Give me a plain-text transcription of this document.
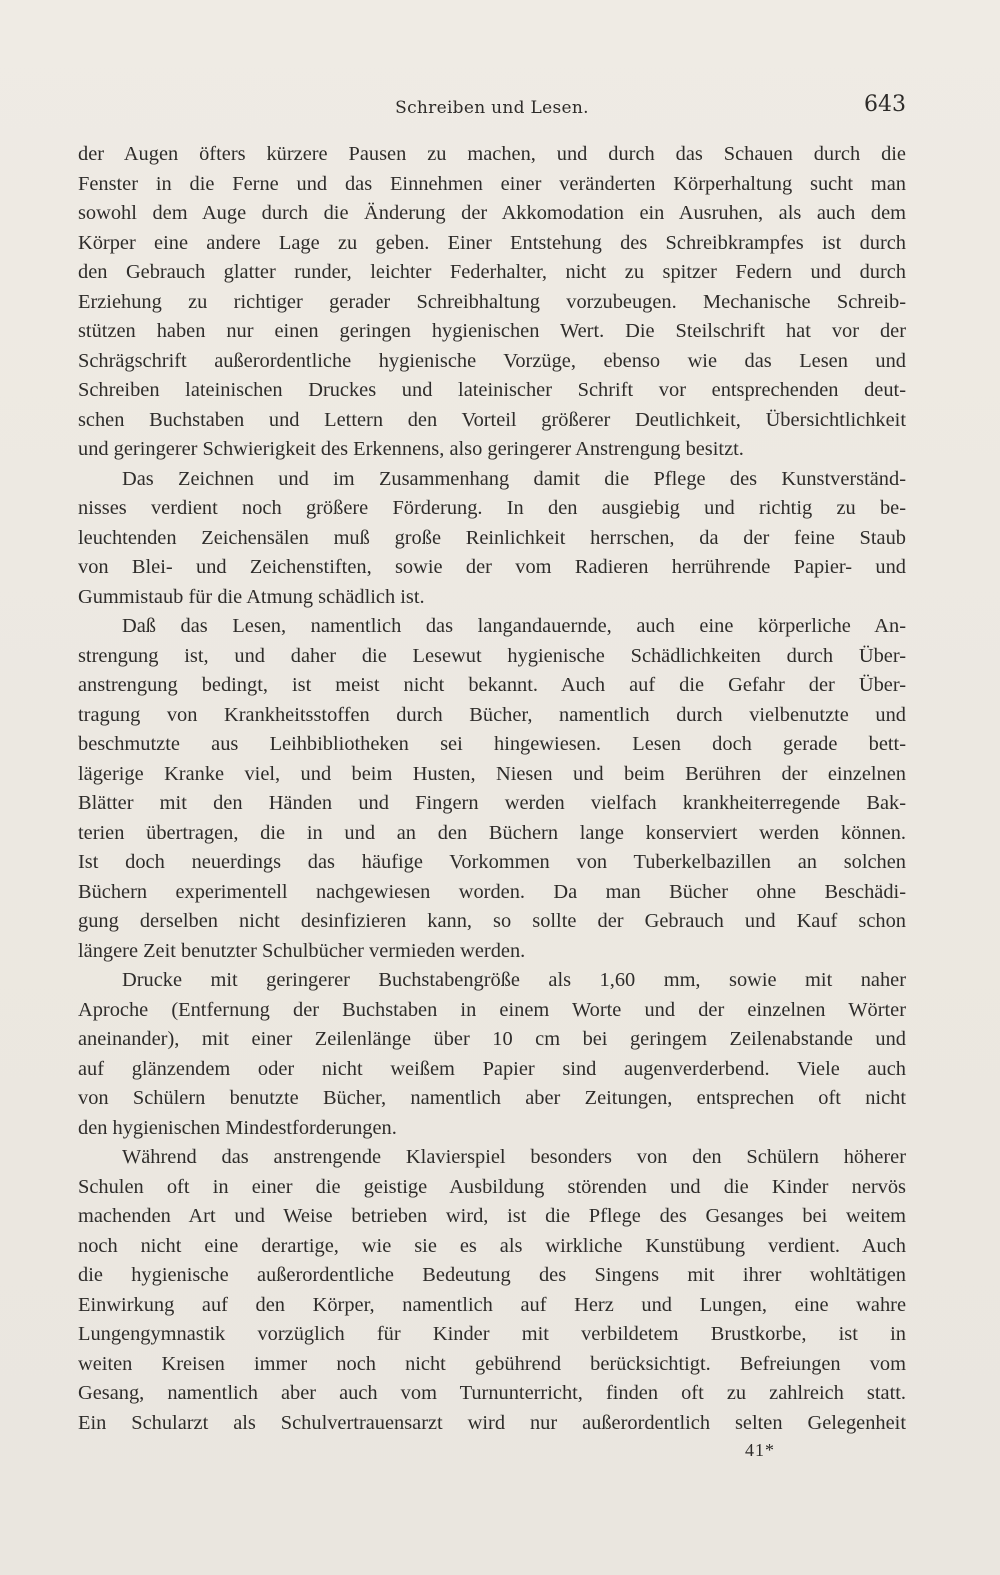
Schreiben und Lesen.	643

der Augen öfters kürzere Pausen zu machen, und durch das Schauen durch die
Fenster in die Ferne und das Einnehmen einer veränderten Körperhaltung sucht man
sowohl dem Auge durch die Änderung der Akkomodation ein Ausruhen, als auch dem
Körper eine andere Lage zu geben. Einer Entstehung des Schreibkrampfes ist durch
den Gebrauch glatter runder, leichter Federhalter, nicht zu spitzer Federn und durch
Erziehung zu richtiger gerader Schreibhaltung vorzubeugen. Mechanische Schreib-
stützen haben nur einen geringen hygienischen Wert. Die Steilschrift hat vor der
Schrägschrift außerordentliche hygienische Vorzüge, ebenso wie das Lesen und
Schreiben lateinischen Druckes und lateinischer Schrift vor entsprechenden deut-
schen Buchstaben und Lettern den Vorteil größerer Deutlichkeit, Übersichtlichkeit
und geringerer Schwierigkeit des Erkennens, also geringerer Anstrengung besitzt.

Das Zeichnen und im Zusammenhang damit die Pflege des Kunstverständ-
nisses verdient noch größere Förderung. In den ausgiebig und richtig zu be-
leuchtenden Zeichensälen muß große Reinlichkeit herrschen, da der feine Staub
von Blei- und Zeichenstiften, sowie der vom Radieren herrührende Papier- und
Gummistaub für die Atmung schädlich ist.

Daß das Lesen, namentlich das langandauernde, auch eine körperliche An-
strengung ist, und daher die Lesewut hygienische Schädlichkeiten durch Über-
anstrengung bedingt, ist meist nicht bekannt. Auch auf die Gefahr der Über-
tragung von Krankheitsstoffen durch Bücher, namentlich durch vielbenutzte und
beschmutzte aus Leihbibliotheken sei hingewiesen. Lesen doch gerade bett-
lägerige Kranke viel, und beim Husten, Niesen und beim Berühren der einzelnen
Blätter mit den Händen und Fingern werden vielfach krankheiterregende Bak-
terien übertragen, die in und an den Büchern lange konserviert werden können.
Ist doch neuerdings das häufige Vorkommen von Tuberkelbazillen an solchen
Büchern experimentell nachgewiesen worden. Da man Bücher ohne Beschädi-
gung derselben nicht desinfizieren kann, so sollte der Gebrauch und Kauf schon
längere Zeit benutzter Schulbücher vermieden werden.

Drucke mit geringerer Buchstabengröße als 1,60 mm, sowie mit naher
Aproche (Entfernung der Buchstaben in einem Worte und der einzelnen Wörter
aneinander), mit einer Zeilenlänge über 10 cm bei geringem Zeilenabstande und
auf glänzendem oder nicht weißem Papier sind augenverderbend. Viele auch
von Schülern benutzte Bücher, namentlich aber Zeitungen, entsprechen oft nicht
den hygienischen Mindestforderungen.

Während das anstrengende Klavierspiel besonders von den Schülern höherer
Schulen oft in einer die geistige Ausbildung störenden und die Kinder nervös
machenden Art und Weise betrieben wird, ist die Pflege des Gesanges bei weitem
noch nicht eine derartige, wie sie es als wirkliche Kunstübung verdient. Auch
die hygienische außerordentliche Bedeutung des Singens mit ihrer wohltätigen
Einwirkung auf den Körper, namentlich auf Herz und Lungen, eine wahre
Lungengymnastik vorzüglich für Kinder mit verbildetem Brustkorbe, ist in
weiten Kreisen immer noch nicht gebührend berücksichtigt. Befreiungen vom
Gesang, namentlich aber auch vom Turnunterricht, finden oft zu zahlreich statt.
Ein Schularzt als Schulvertrauensarzt wird nur außerordentlich selten Gelegenheit

41*
